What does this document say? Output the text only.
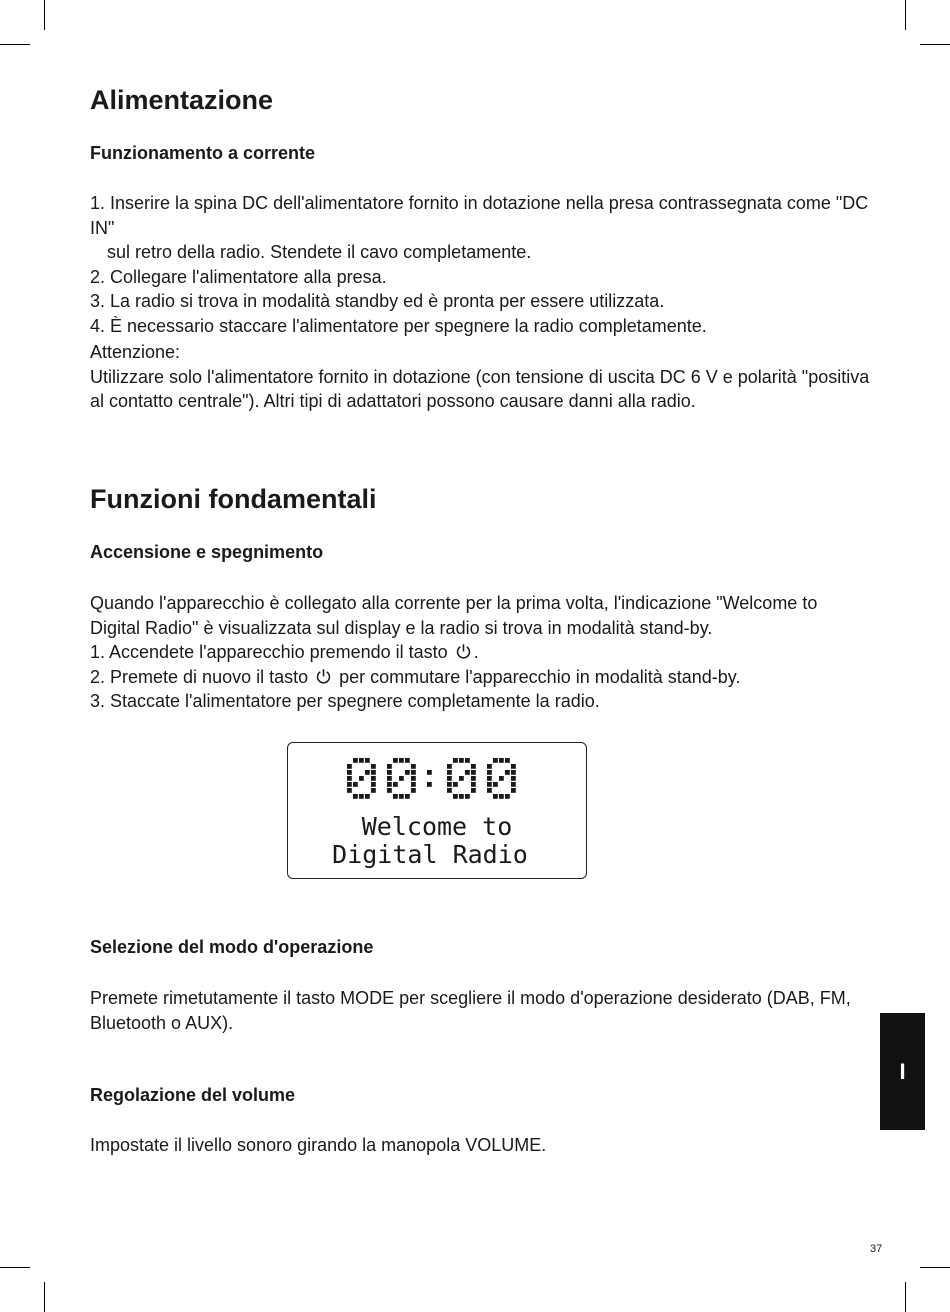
Alimentazione
Funzionamento a corrente
1. Inserire la spina DC dell'alimentatore fornito in dotazione nella presa contrassegnata come "DC IN"
sul retro della radio. Stendete il cavo completamente.
2. Collegare l'alimentatore alla presa.
3. La radio si trova in modalità standby ed è pronta per essere utilizzata.
4. È necessario staccare l'alimentatore per spegnere la radio completamente.
Attenzione:
Utilizzare solo l'alimentatore fornito in dotazione (con tensione di uscita DC 6 V e polarità "positiva al contatto centrale"). Altri tipi di adattatori possono causare danni alla radio.
Funzioni fondamentali
Accensione e spegnimento
Quando l'apparecchio è collegato alla corrente per la prima volta, l'indicazione "Welcome to Digital Radio" è visualizzata sul display e la radio si trova in modalità stand-by.
1. Accendete l'apparecchio premendo il tasto .
2. Premete di nuovo il tasto per commutare l'apparecchio in modalità stand-by.
3. Staccate l'alimentatore per spegnere completamente la radio.
Welcome to
Digital Radio
Selezione del modo d'operazione

Premete rimetutamente il tasto MODE per scegliere il modo d'operazione desiderato (DAB, FM, Bluetooth o AUX).

Regolazione del volume

Impostate il livello sonoro girando la manopola VOLUME.

I
37
